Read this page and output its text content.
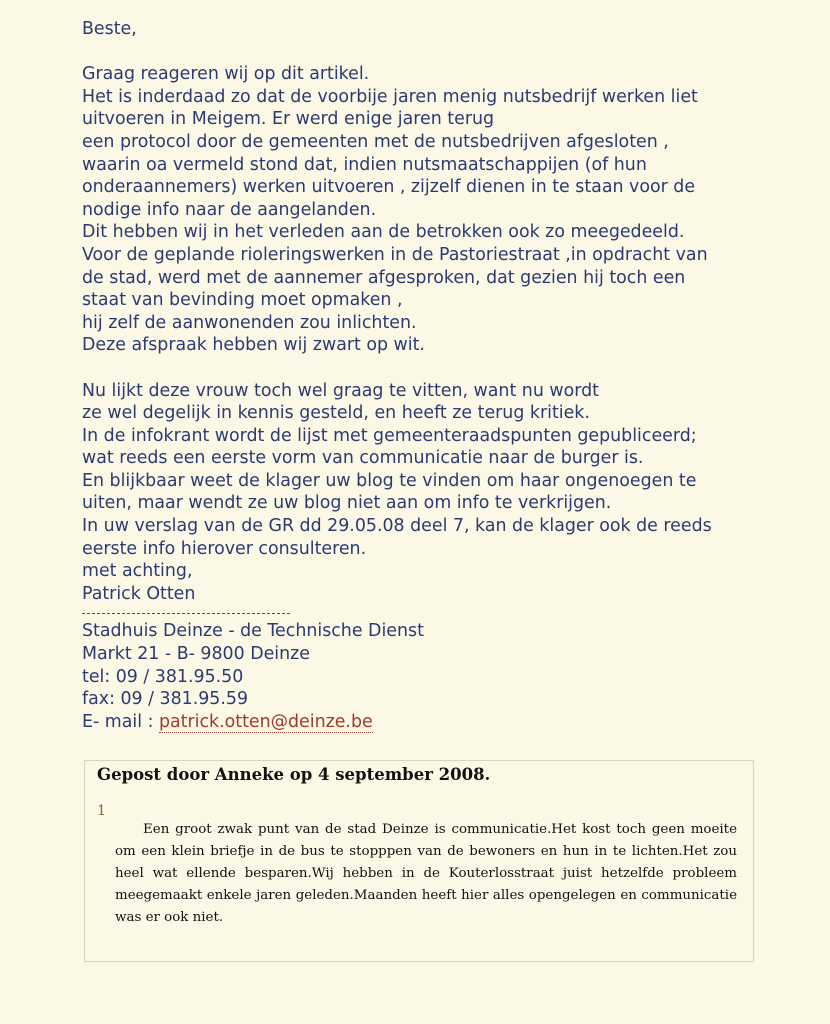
Beste,
Graag reageren wij op dit artikel.
Het is inderdaad zo dat de voorbije jaren menig nutsbedrijf werken liet
uitvoeren in Meigem. Er werd enige jaren terug
een protocol door de gemeenten met de nutsbedrijven afgesloten ,
waarin oa vermeld stond dat, indien nutsmaatschappijen (of hun
onderaannemers) werken uitvoeren , zijzelf dienen in te staan voor de
nodige info naar de aangelanden.
Dit hebben wij in het verleden aan de betrokken ook zo meegedeeld.
Voor de geplande rioleringswerken in de Pastoriestraat ,in opdracht van
de stad, werd met de aannemer afgesproken, dat gezien hij toch een
staat van bevinding moet opmaken ,
hij zelf de aanwonenden zou inlichten.
Deze afspraak hebben wij zwart op wit.
Nu lijkt deze vrouw toch wel graag te vitten, want nu wordt
ze wel degelijk in kennis gesteld, en heeft ze terug kritiek.
In de infokrant wordt de lijst met gemeenteraadspunten gepubliceerd;
wat reeds een eerste vorm van communicatie naar de burger is.
En blijkbaar weet de klager uw blog te vinden om haar ongenoegen te
uiten, maar wendt ze uw blog niet aan om info te verkrijgen.
In uw verslag van de GR dd 29.05.08 deel 7, kan de klager ook de reeds
eerste info hierover consulteren.
met achting,
Patrick Otten
Stadhuis Deinze - de Technische Dienst
Markt 21 - B- 9800 Deinze
tel: 09 / 381.95.50
fax: 09 / 381.95.59
E- mail : patrick.otten@deinze.be
Gepost door Anneke op 4 september 2008.
1
Een groot zwak punt van de stad Deinze is communicatie.Het kost toch geen moeite om een klein briefje in de bus te stopppen van de bewoners en hun in te lichten.Het zou heel wat ellende besparen.Wij hebben in de Kouterlosstraat juist hetzelfde probleem meegemaakt enkele jaren geleden.Maanden heeft hier alles opengelegen en communicatie was er ook niet.
